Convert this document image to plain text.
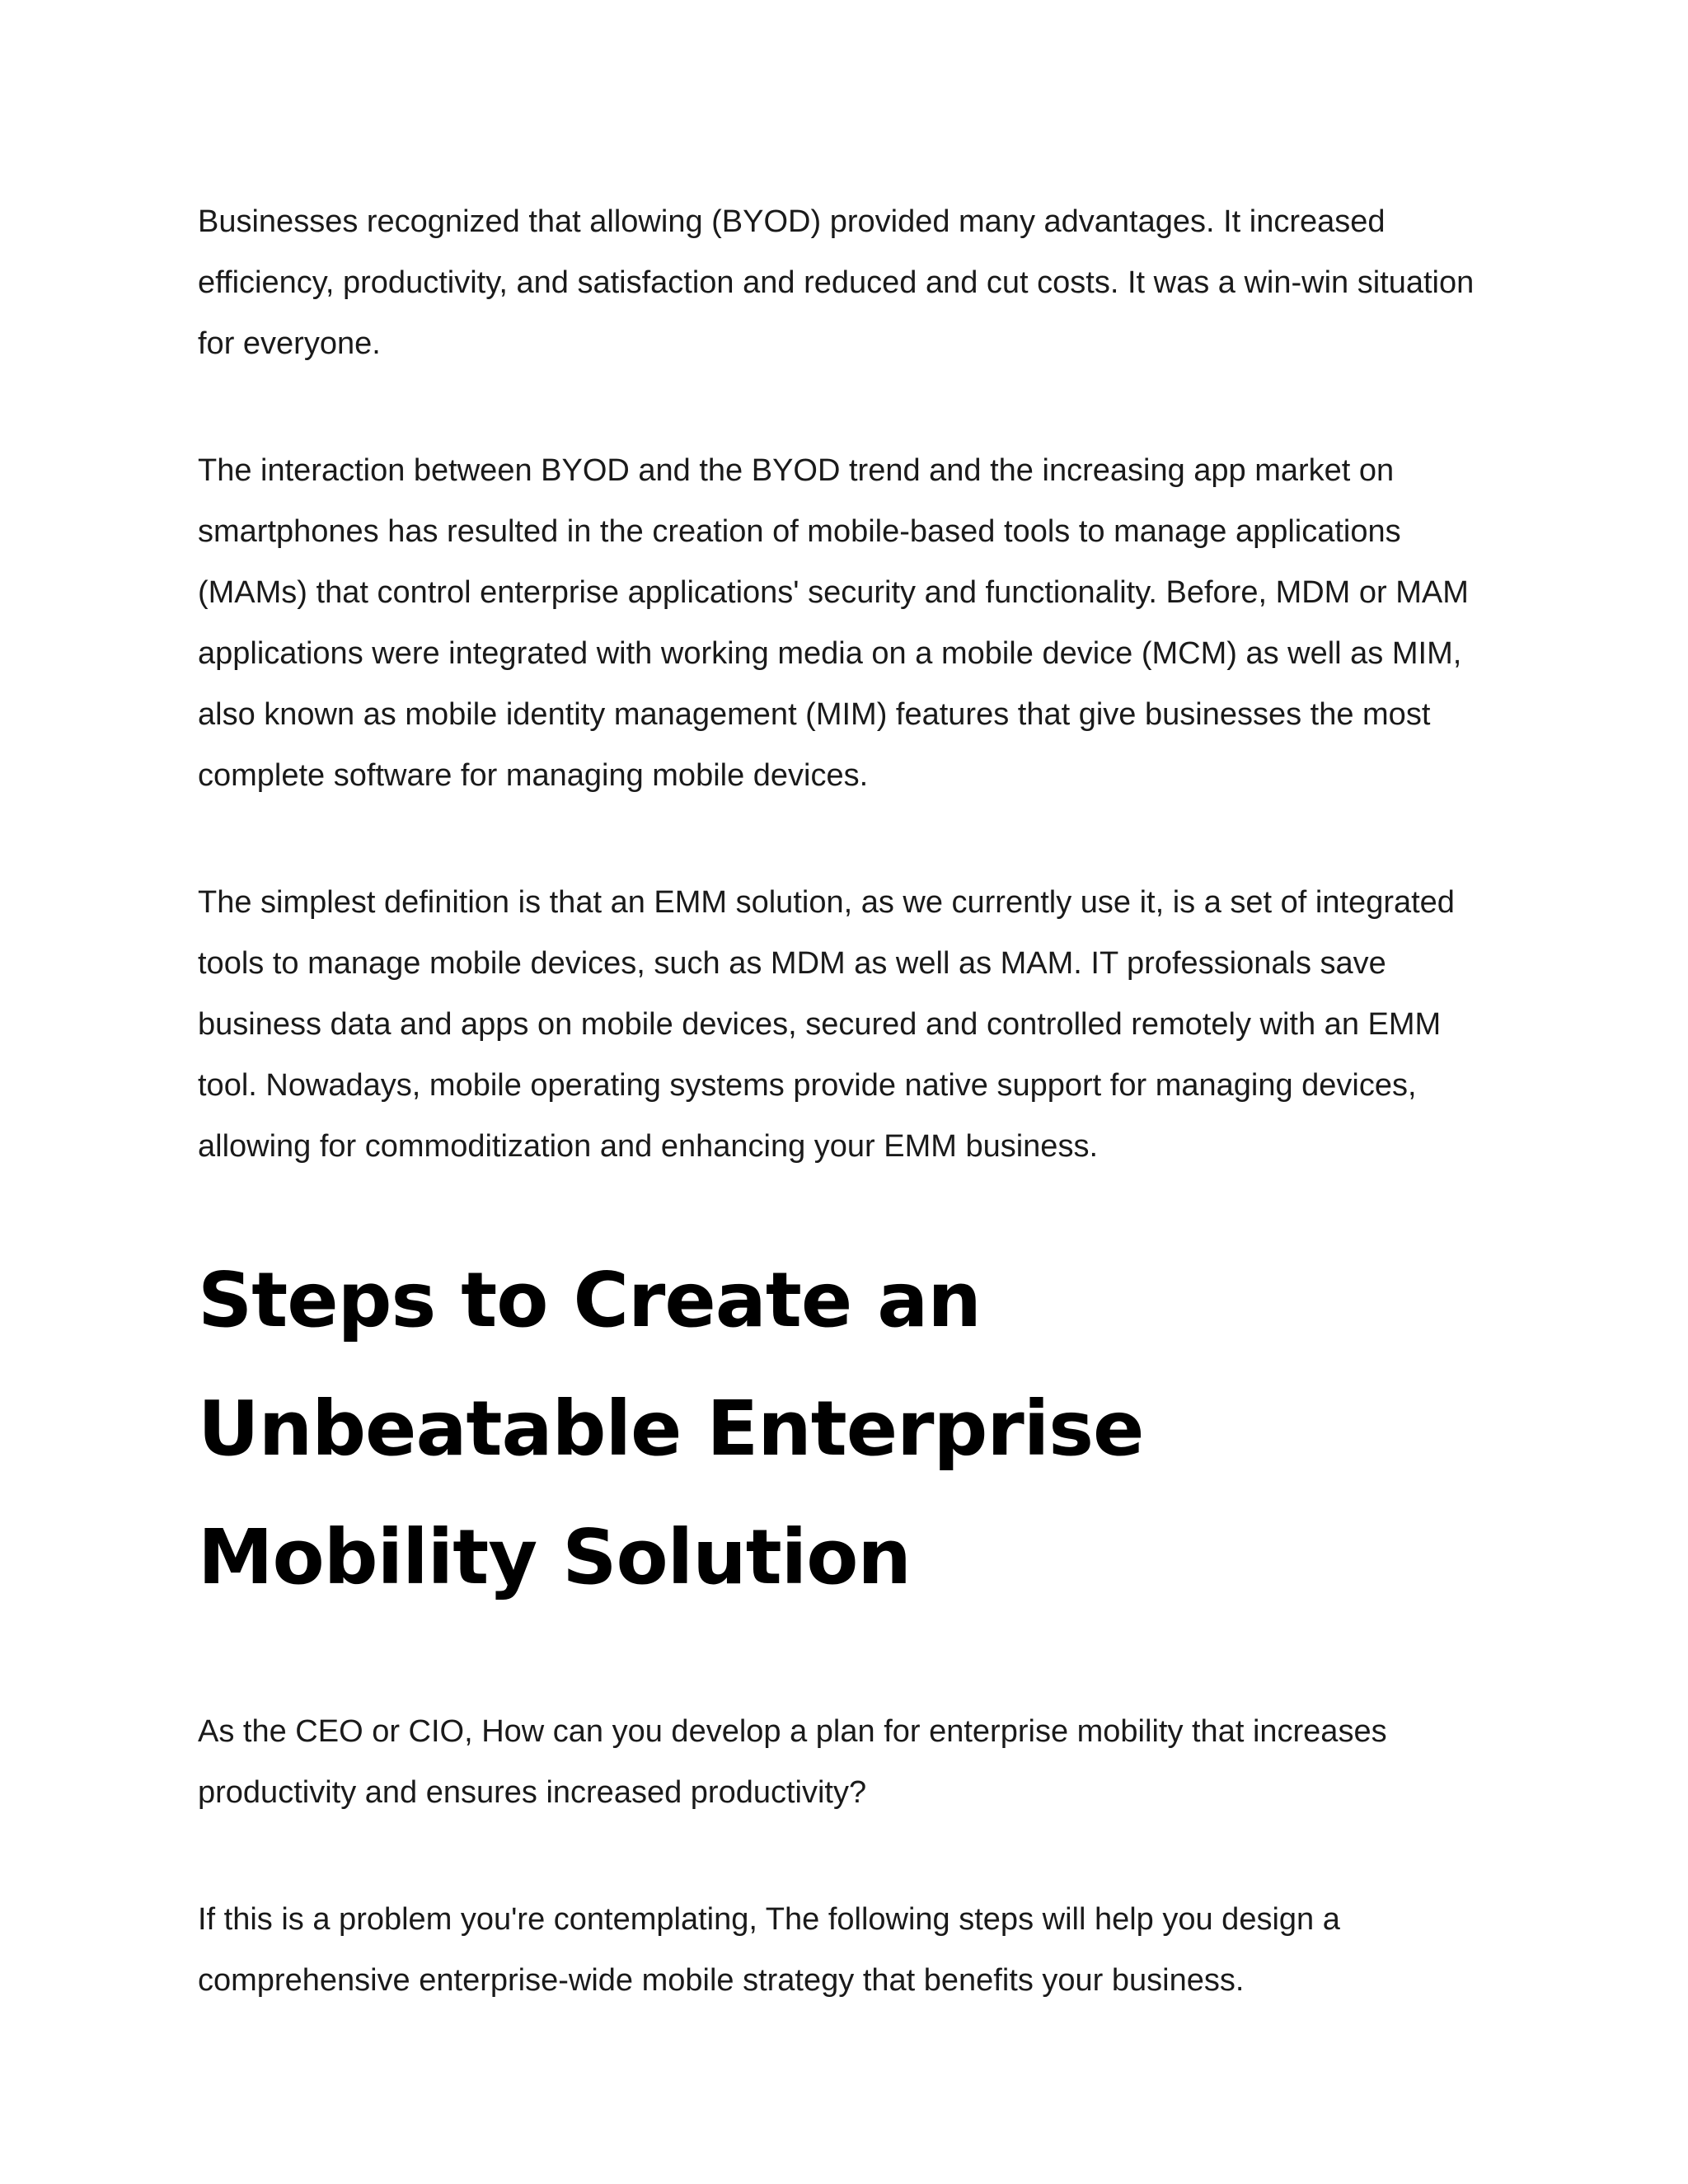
Businesses recognized that allowing (BYOD) provided many advantages. It increased efficiency, productivity, and satisfaction and reduced and cut costs. It was a win-win situation for everyone.

The interaction between BYOD and the BYOD trend and the increasing app market on smartphones has resulted in the creation of mobile-based tools to manage applications (MAMs) that control enterprise applications' security and functionality. Before, MDM or MAM applications were integrated with working media on a mobile device (MCM) as well as MIM, also known as mobile identity management (MIM) features that give businesses the most complete software for managing mobile devices.

The simplest definition is that an EMM solution, as we currently use it, is a set of integrated tools to manage mobile devices, such as MDM as well as MAM. IT professionals save business data and apps on mobile devices, secured and controlled remotely with an EMM tool. Nowadays, mobile operating systems provide native support for managing devices, allowing for commoditization and enhancing your EMM business.

Steps to Create an Unbeatable Enterprise Mobility Solution

As the CEO or CIO, How can you develop a plan for enterprise mobility that increases productivity and ensures increased productivity?

If this is a problem you're contemplating, The following steps will help you design a comprehensive enterprise-wide mobile strategy that benefits your business.
